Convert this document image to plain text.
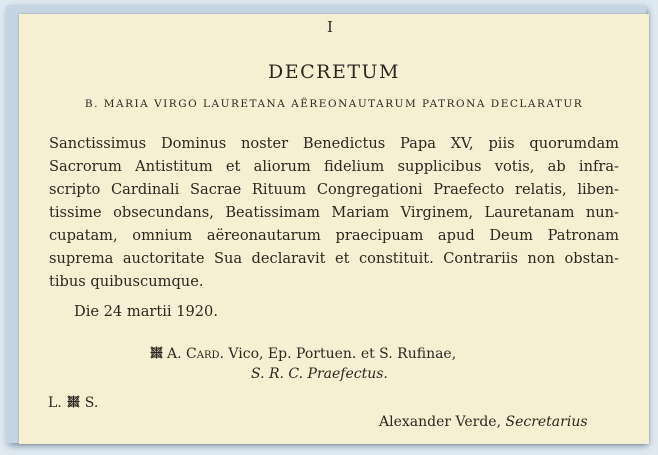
I
DECRETUM
B. MARIA VIRGO LAURETANA AËREONAUTARUM PATRONA DECLARATUR
Sanctissimus Dominus noster Benedictus Papa XV, piis quorumdam
Sacrorum Antistitum et aliorum fidelium supplicibus votis, ab infra-
scripto Cardinali Sacrae Rituum Congregationi Praefecto relatis, liben-
tissime obsecundans, Beatissimam Mariam Virginem, Lauretanam nun-
cupatam, omnium aëreonautarum praecipuam apud Deum Patronam
suprema auctoritate Sua declaravit et constituit. Contrariis non obstan-
tibus quibuscumque.
Die 24 martii 1920.
A. Card. Vico, Ep. Portuen. et S. Rufinae,
S. R. C. Praefectus.
L. S.
Alexander Verde, Secretarius
